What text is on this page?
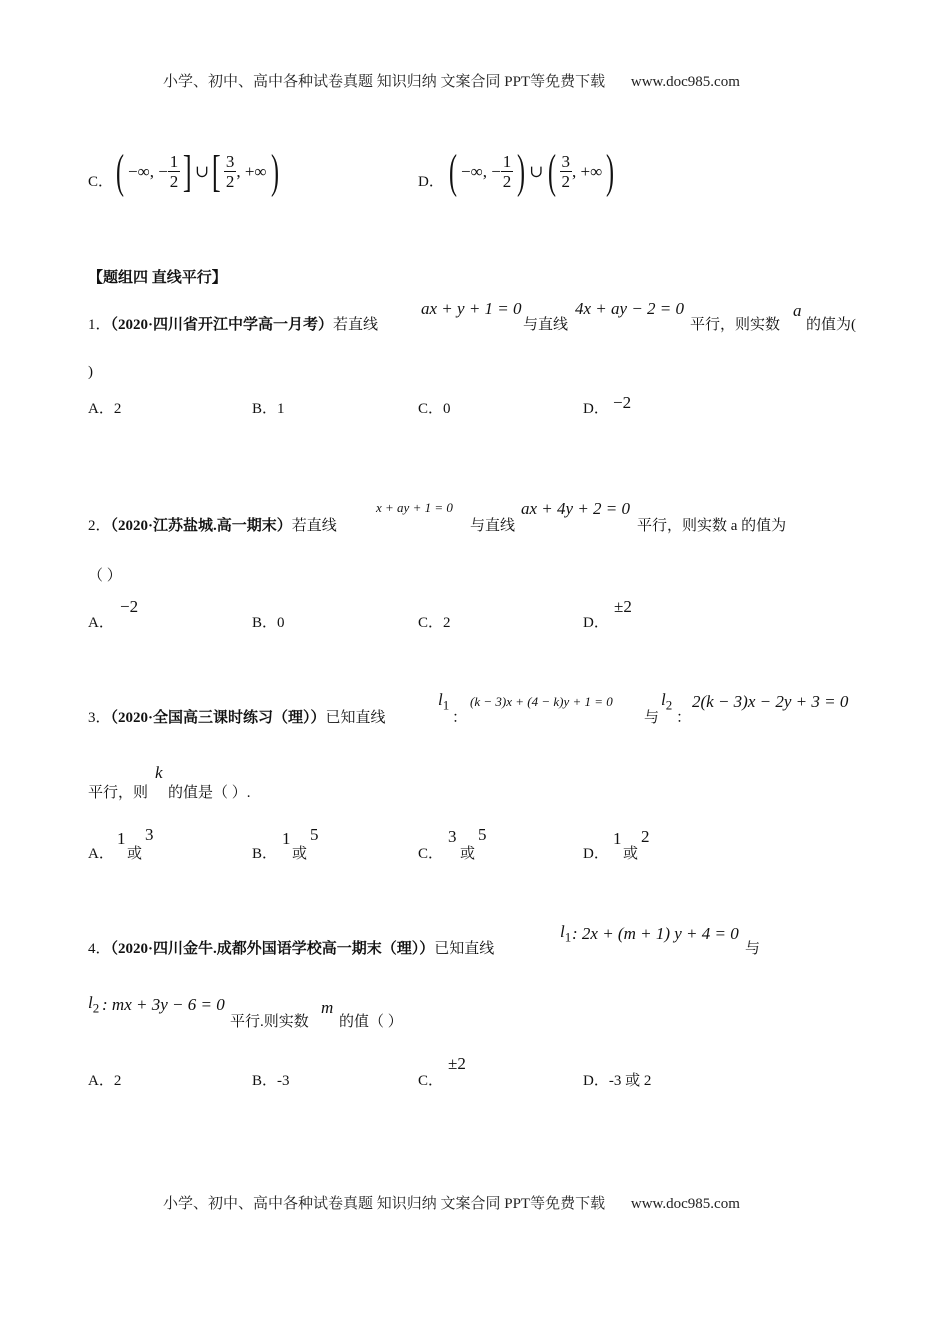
小学、初中、高中各种试卷真题 知识归纳 文案合同 PPT等免费下载 www.doc985.com
C． ( −∞, − $\frac{1}{2}$ ] ∪ [ $\frac{3}{2}$ , +∞ )	D． ( −∞, − $\frac{1}{2}$ ) ∪ ( $\frac{3}{2}$ , +∞ )
【题组四 直线平行】
1．（2020·四川省开江中学高一月考）若直线
ax + y + 1 = 0
与直线
4x + ay − 2 = 0
平行，则实数
a
的值为(
)
A．2	B．1	C．0	D． −2
2．（2020·江苏盐城.高一期末）若直线
x + ay + 1 = 0
与直线
ax + 4y + 2 = 0
平行，则实数 a 的值为
（ ）
A．
−2
B．0	C．2	D．
±2
3．（2020·全国高三课时练习（理））已知直线
$l_1$
：
(k − 3)x + (4 − k)y + 1 = 0
与
$l_2$
：
2(k − 3)x − 2y + 3 = 0
平行，则
k
的值是（ ）.
A．
1
或
3
B．
1
或
5
C．
3
或
5
D．
1
或
2
4．（2020·四川金牛.成都外国语学校高一期末（理））已知直线
$l_1$ : 2x + (m + 1) y + 4 = 0
与
$l_2$ : mx + 3y − 6 = 0
平行.则实数
m
的值（ ）
A．2	B．-3	C．
±2
D．-3 或 2
小学、初中、高中各种试卷真题 知识归纳 文案合同 PPT等免费下载 www.doc985.com
